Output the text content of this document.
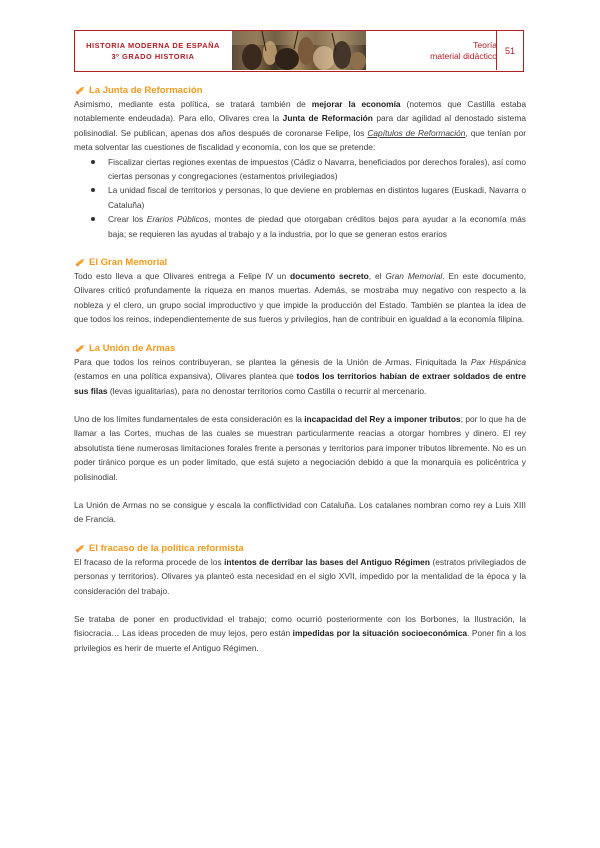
HISTORIA MODERNA DE ESPAÑA
3º GRADO HISTORIA
Teoría
material didáctico 51
La Junta de Reformación

Asimismo, mediante esta política, se tratará también de mejorar la economía (notemos que Castilla estaba notablemente endeudada). Para ello, Olivares crea la Junta de Reformación para dar agilidad al denostado sistema polisinodial. Se publican, apenas dos años después de coronarse Felipe, los Capítulos de Reformación, que tenían por meta solventar las cuestiones de fiscalidad y economía, con los que se pretende:

Fiscalizar ciertas regiones exentas de impuestos (Cádiz o Navarra, beneficiados por derechos forales), así como ciertas personas y congregaciones (estamentos privilegiados)
La unidad fiscal de territorios y personas, lo que deviene en problemas en distintos lugares (Euskadi, Navarra o Cataluña)
Crear los Erarios Públicos, montes de piedad que otorgaban créditos bajos para ayudar a la economía más baja; se requieren las ayudas al trabajo y a la industria, por lo que se generan estos erarios
El Gran Memorial

Todo esto lleva a que Olivares entrega a Felipe IV un documento secreto, el Gran Memorial. En este documento, Olivares criticó profundamente la riqueza en manos muertas. Además, se mostraba muy negativo con respecto a la nobleza y el clero, un grupo social improductivo y que impide la producción del Estado. También se plantea la idea de que todos los reinos, independientemente de sus fueros y privilegios, han de contribuir en igualdad a la economía filipina.

La Unión de Armas

Para que todos los reinos contribuyeran, se plantea la génesis de la Unión de Armas. Finiquitada la Pax Hispánica (estamos en una política expansiva), Olivares plantea que todos los territorios habían de extraer soldados de entre sus filas (levas igualitarias), para no denostar territorios como Castilla o recurrir al mercenario.

Uno de los límites fundamentales de esta consideración es la incapacidad del Rey a imponer tributos; por lo que ha de llamar a las Cortes, muchas de las cuales se muestran particularmente reacias a otorgar hombres y dinero. El rey absolutista tiene numerosas limitaciones forales frente a personas y territorios para imponer tributos libremente. No es un poder tiránico porque es un poder limitado, que está sujeto a negociación debido a que la monarquía es policéntrica y polisinodial.

La Unión de Armas no se consigue y escala la conflictividad con Cataluña. Los catalanes nombran como rey a Luis XIII de Francia.

El fracaso de la política reformista

El fracaso de la reforma procede de los intentos de derribar las bases del Antiguo Régimen (estratos privilegiados de personas y territorios). Olivares ya planteó esta necesidad en el siglo XVII, impedido por la mentalidad de la época y la consideración del trabajo.

Se trataba de poner en productividad el trabajo; como ocurrió posteriormente con los Borbones, la Ilustración, la fisiocracia… Las ideas proceden de muy lejos, pero están impedidas por la situación socioeconómica. Poner fin a los privilegios es herir de muerte el Antiguo Régimen.
